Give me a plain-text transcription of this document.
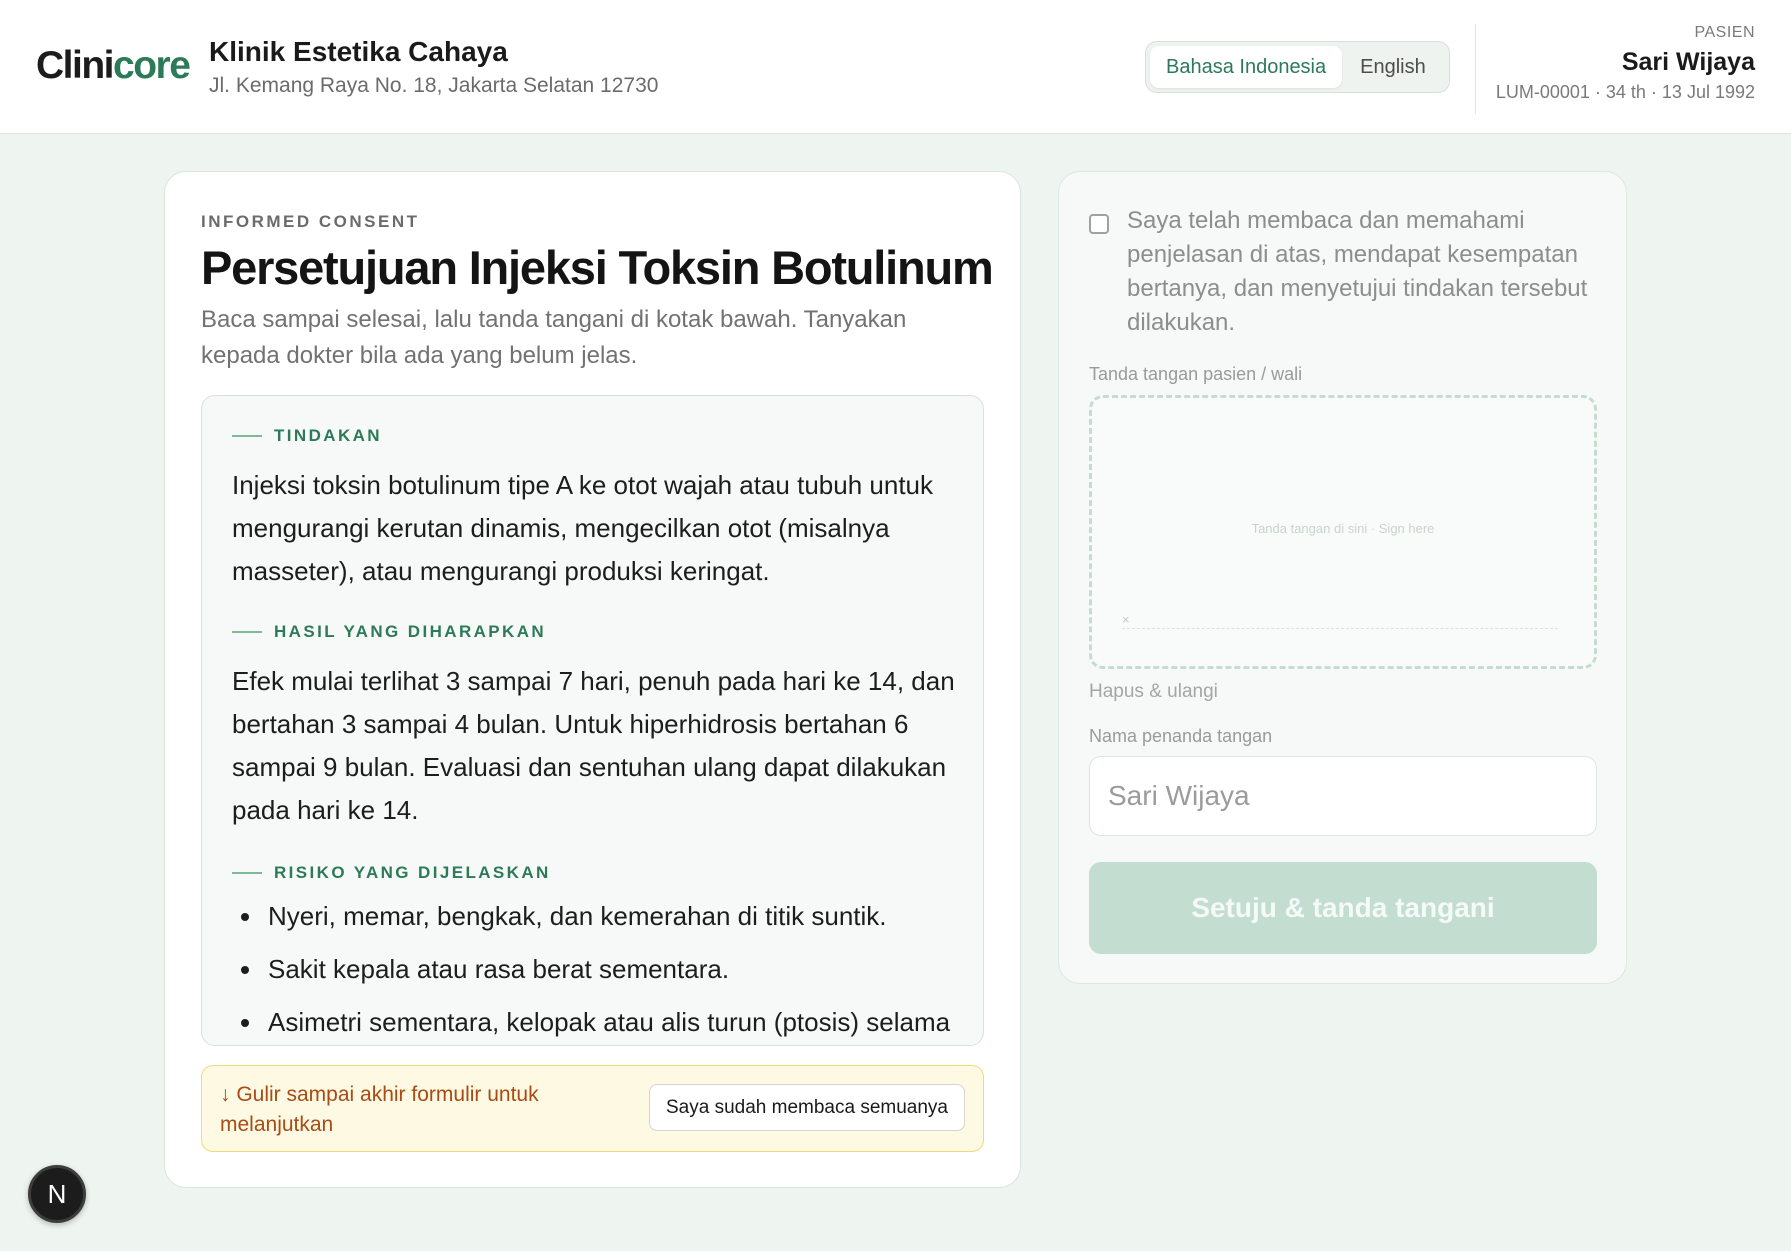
Clinicore Klinik Estetika Cahaya
Jl. Kemang Raya No. 18, Jakarta Selatan 12730
Bahasa Indonesia	English
PASIEN
Sari Wijaya
LUM-00001 · 34 th · 13 Jul 1992
INFORMED CONSENT
Persetujuan Injeksi Toksin Botulinum

Baca sampai selesai, lalu tanda tangani di kotak bawah. Tanyakan kepada dokter bila ada yang belum jelas.

TINDAKAN

Injeksi toksin botulinum tipe A ke otot wajah atau tubuh untuk mengurangi kerutan dinamis, mengecilkan otot (misalnya masseter), atau mengurangi produksi keringat.

HASIL YANG DIHARAPKAN

Efek mulai terlihat 3 sampai 7 hari, penuh pada hari ke 14, dan bertahan 3 sampai 4 bulan. Untuk hiperhidrosis bertahan 6 sampai 9 bulan. Evaluasi dan sentuhan ulang dapat dilakukan pada hari ke 14.

RISIKO YANG DIJELASKAN
Nyeri, memar, bengkak, dan kemerahan di titik suntik.
Sakit kepala atau rasa berat sementara.
Asimetri sementara, kelopak atau alis turun (ptosis) selama
↓ Gulir sampai akhir formulir untuk melanjutkan
Saya sudah membaca semuanya

Saya telah membaca dan memahami penjelasan di atas, mendapat kesempatan bertanya, dan menyetujui tindakan tersebut dilakukan.

Tanda tangan pasien / wali
Tanda tangan di sini · Sign here
×
Hapus & ulangi
Nama penanda tangan
Sari Wijaya
Setuju & tanda tangani
N
